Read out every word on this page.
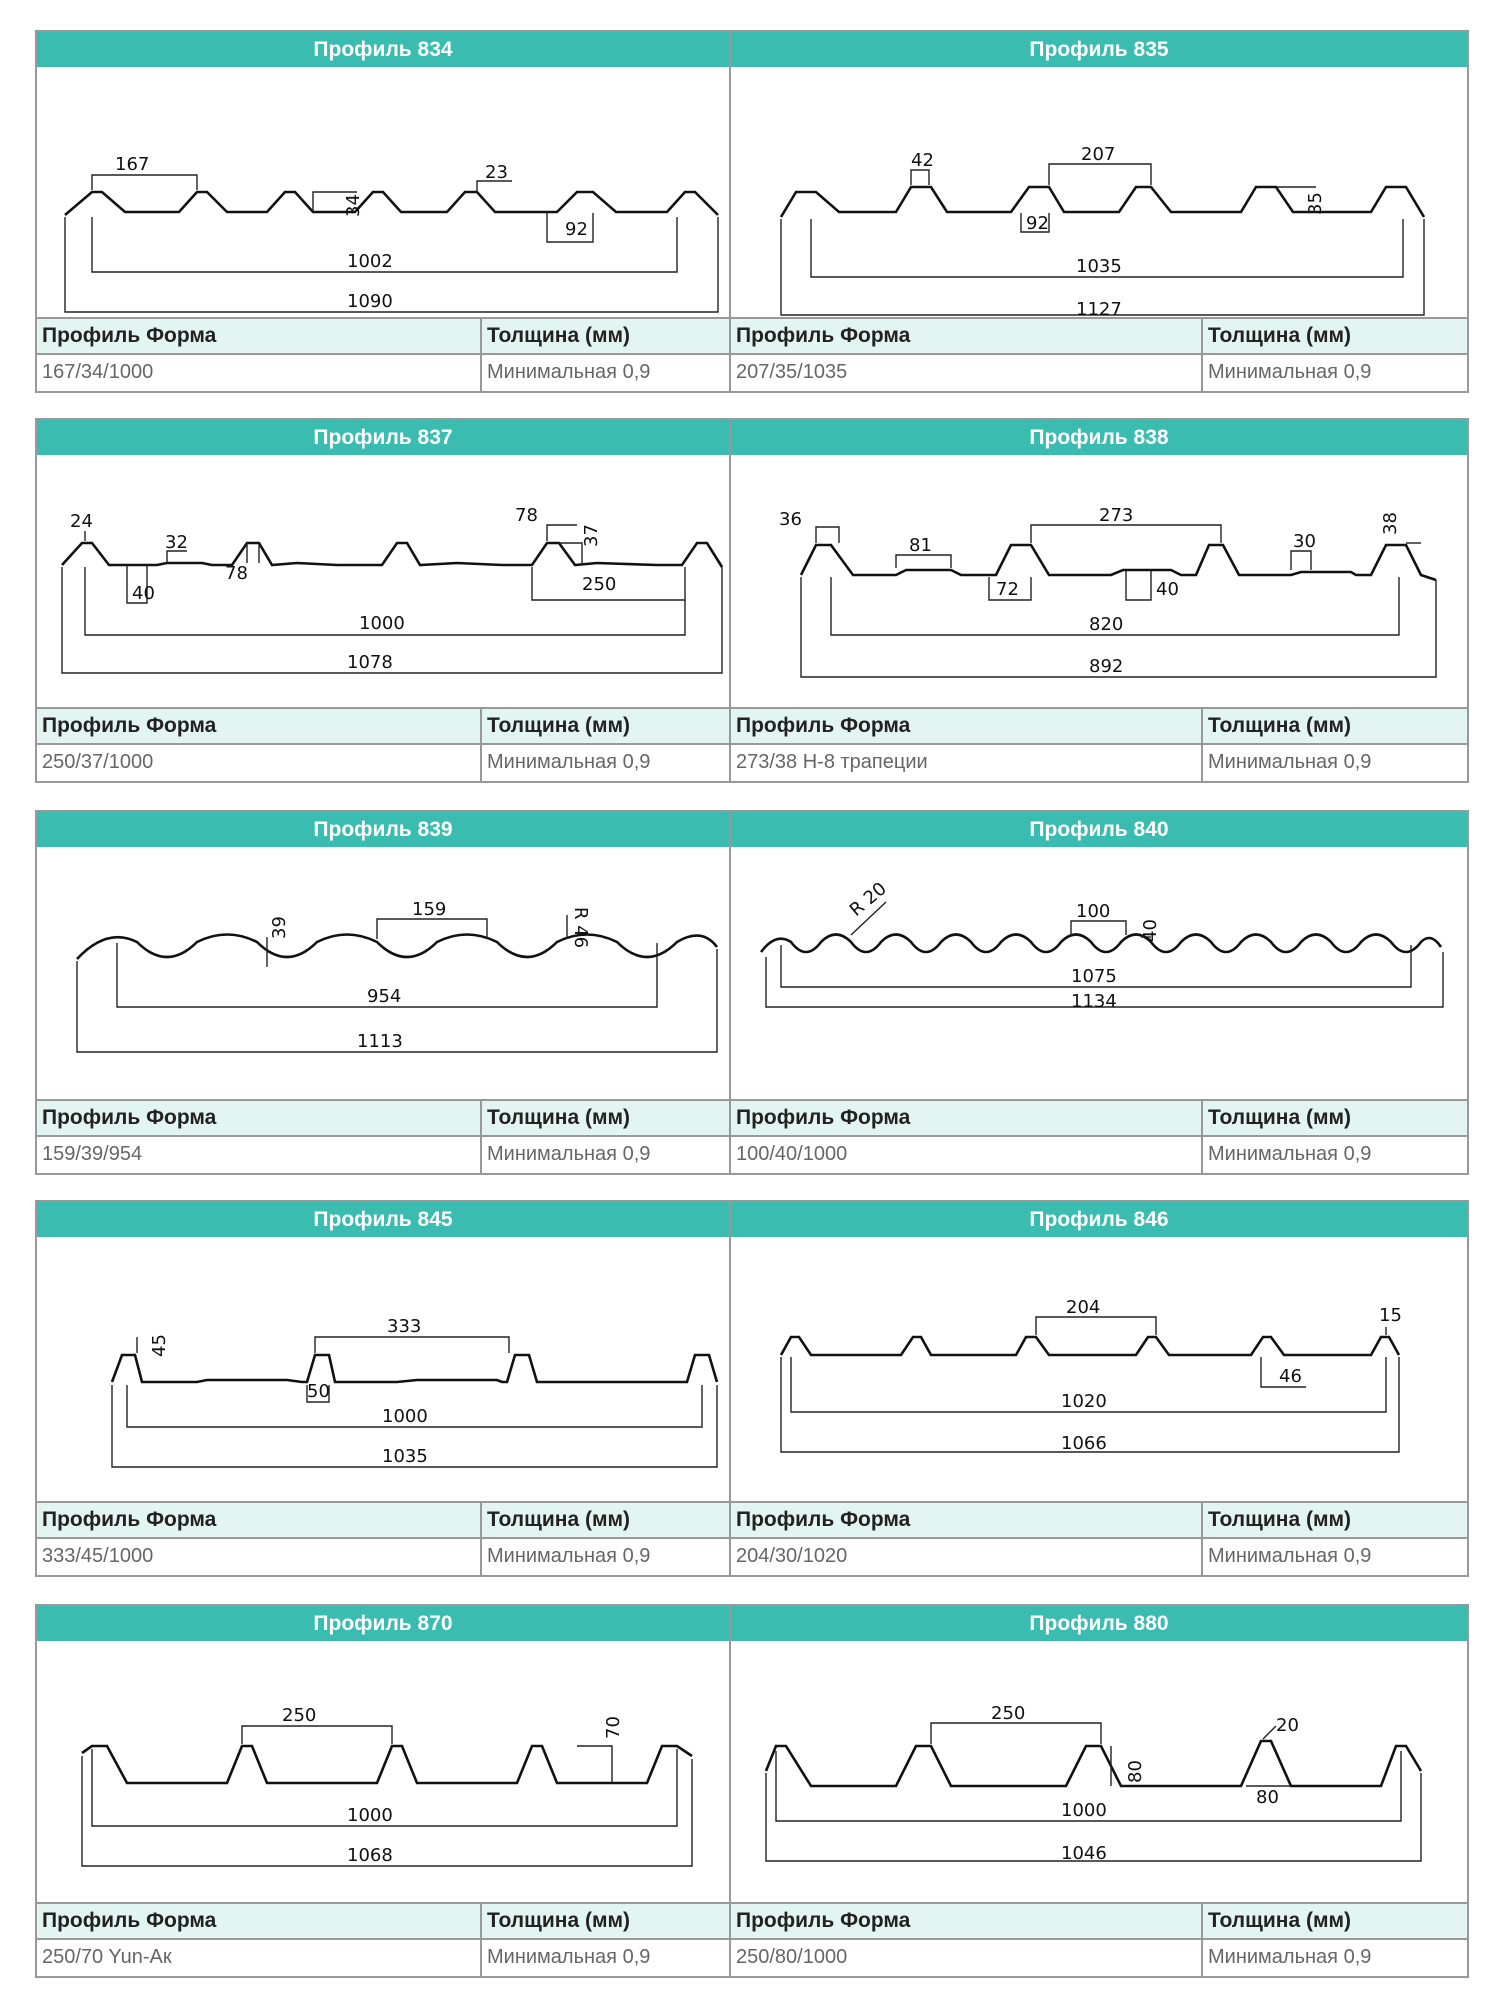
Профиль 834	Профиль 835
167
34
23
92
1002
1090
42	207
35
92
1035
1127
Профиль Форма	Толщина (мм)	Профиль Форма	Толщина (мм)
167/34/1000	Минимальная 0,9	207/35/1035	Минимальная 0,9
Профиль 837	Профиль 838
24
32
40
78
78
37
250
1000
1078
36
81
273
30
38
72	40
820
892
Профиль Форма	Толщина (мм)	Профиль Форма	Толщина (мм)
250/37/1000	Минимальная 0,9	273/38 Н-8 трапеции	Минимальная 0,9
Профиль 839	Профиль 840
39
159	R 46
954
1113
R 20	100
40
1075
1134
Профиль Форма	Толщина (мм)	Профиль Форма	Толщина (мм)
159/39/954	Минимальная 0,9	100/40/1000	Минимальная 0,9
Профиль 845	Профиль 846
45
333
50
1000
1035
204	15
46
1020
1066
Профиль Форма	Толщина (мм)	Профиль Форма	Толщина (мм)
333/45/1000	Минимальная 0,9	204/30/1020	Минимальная 0,9
Профиль 870	Профиль 880
250
70
1000
1068
250
20
80
80
1000
1046
Профиль Форма	Толщина (мм)	Профиль Форма	Толщина (мм)
250/70 Yun-Ак	Минимальная 0,9	250/80/1000	Минимальная 0,9
